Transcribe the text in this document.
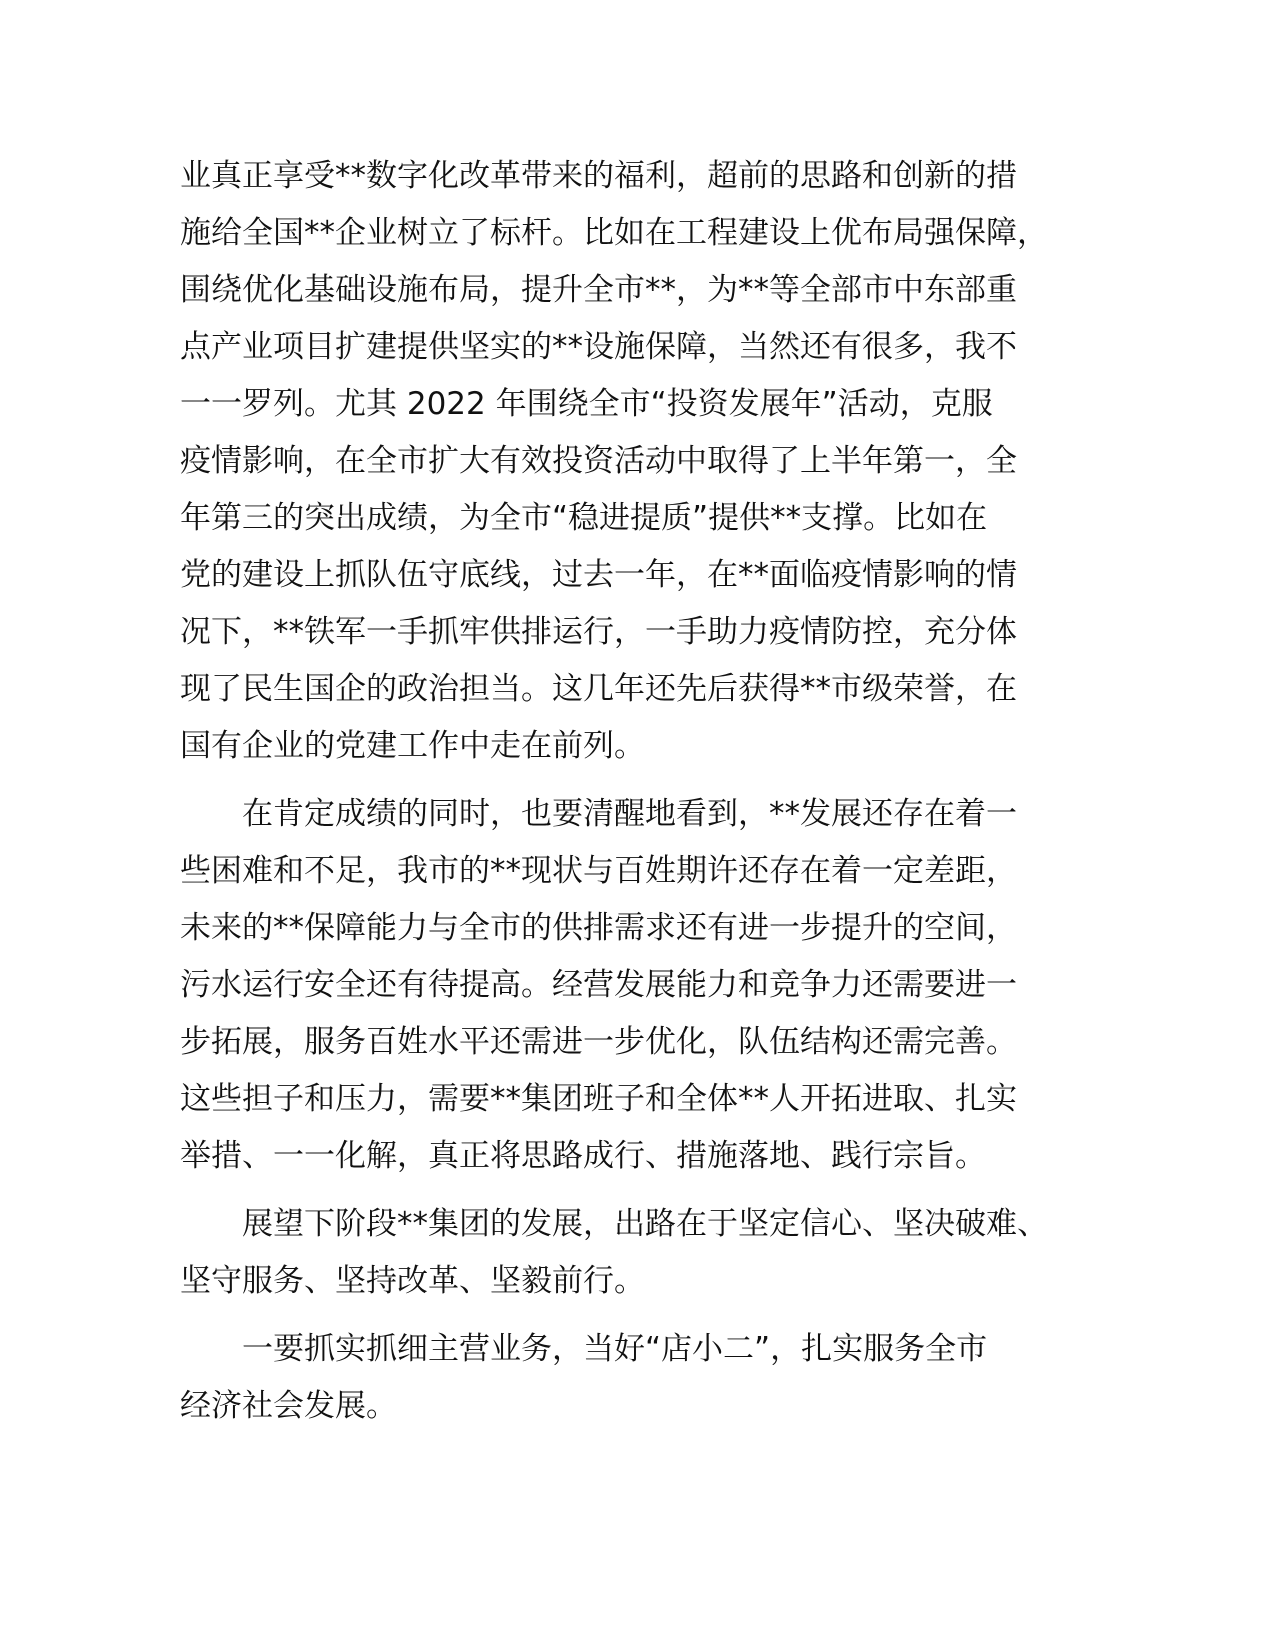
业真正享受**数字化改革带来的福利，超前的思路和创新的措
施给全国**企业树立了标杆。比如在工程建设上优布局强保障，
围绕优化基础设施布局，提升全市**，为**等全部市中东部重
点产业项目扩建提供坚实的**设施保障，当然还有很多，我不
一一罗列。尤其 2022 年围绕全市“投资发展年”活动，克服
疫情影响，在全市扩大有效投资活动中取得了上半年第一，全
年第三的突出成绩，为全市“稳进提质”提供**支撑。比如在
党的建设上抓队伍守底线，过去一年，在**面临疫情影响的情
况下，**铁军一手抓牢供排运行，一手助力疫情防控，充分体
现了民生国企的政治担当。这几年还先后获得**市级荣誉，在
国有企业的党建工作中走在前列。
在肯定成绩的同时，也要清醒地看到，**发展还存在着一
些困难和不足，我市的**现状与百姓期许还存在着一定差距，
未来的**保障能力与全市的供排需求还有进一步提升的空间，
污水运行安全还有待提高。经营发展能力和竞争力还需要进一
步拓展，服务百姓水平还需进一步优化，队伍结构还需完善。
这些担子和压力，需要**集团班子和全体**人开拓进取、扎实
举措、一一化解，真正将思路成行、措施落地、践行宗旨。
展望下阶段**集团的发展，出路在于坚定信心、坚决破难、
坚守服务、坚持改革、坚毅前行。
一要抓实抓细主营业务，当好“店小二”，扎实服务全市
经济社会发展。
